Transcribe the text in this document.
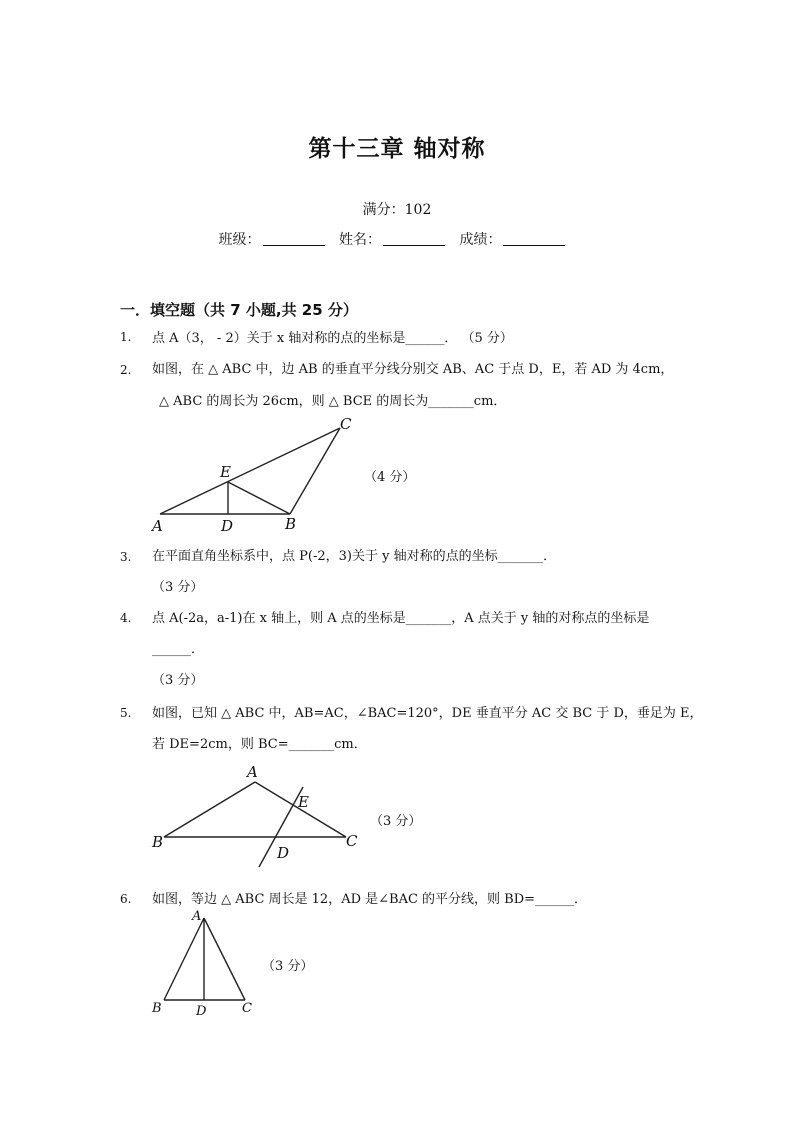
第十三章 轴对称
满分：102
班级：	姓名：	成绩：
一．填空题（共 7 小题,共 25 分）
1. 点 A（3， - 2）关于 x 轴对称的点的坐标是______． （5 分）
2. 如图，在 △ ABC 中，边 AB 的垂直平分线分别交 AB、AC 于点 D，E，若 AD 为 4cm，
△ ABC 的周长为 26cm，则 △ BCE 的周长为_______cm．
A	D	B
C
E	（4 分）
3. 在平面直角坐标系中，点 P(-2，3)关于 y 轴对称的点的坐标_______．
（3 分）
4. 点 A(-2a，a-1)在 x 轴上，则 A 点的坐标是_______，A 点关于 y 轴的对称点的坐标是
______．
（3 分）
5. 如图，已知 △ ABC 中，AB=AC，∠BAC=120°，DE 垂直平分 AC 交 BC 于 D，垂足为 E，
若 DE=2cm，则 BC=_______cm．
A
B	C
D
E
（3 分）
6. 如图，等边 △ ABC 周长是 12，AD 是∠BAC 的平分线，则 BD=______．
A
B	D	C
（3 分）
